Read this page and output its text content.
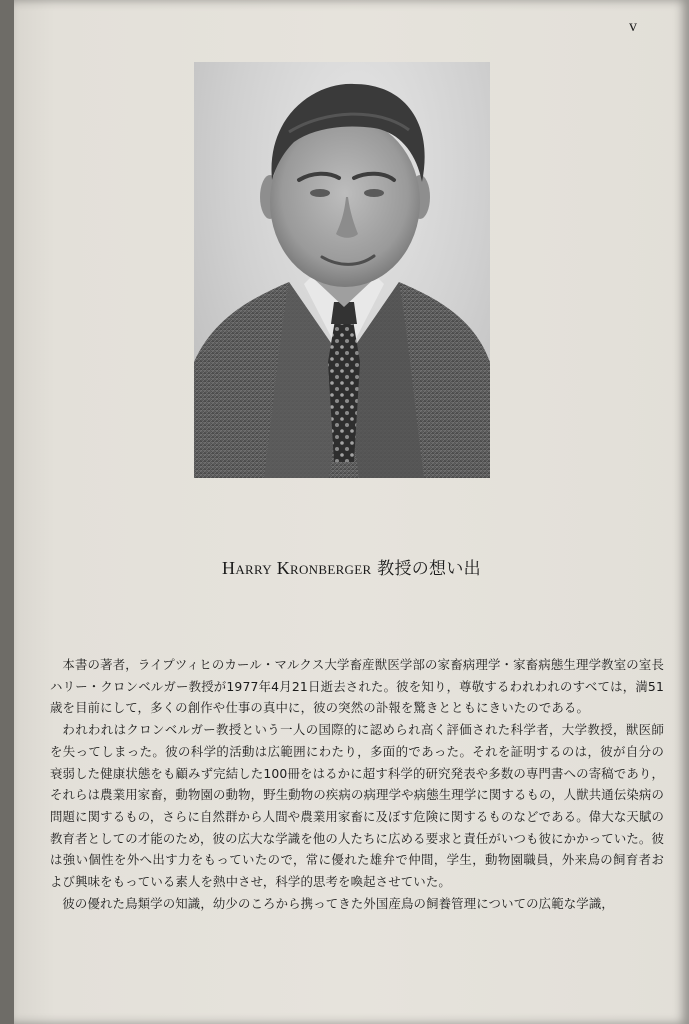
v
Harry Kronberger 教授の想い出

本書の著者，ライプツィヒのカール・マルクス大学畜産獣医学部の家畜病理学・家畜病態生理学教室の室長ハリー・クロンベルガー教授が1977年4月21日逝去された。彼を知り，尊敬するわれわれのすべては，満51歳を目前にして，多くの創作や仕事の真中に，彼の突然の訃報を驚きとともにきいたのである。

われわれはクロンベルガー教授という一人の国際的に認められ高く評価された科学者，大学教授，獣医師を失ってしまった。彼の科学的活動は広範囲にわたり，多面的であった。それを証明するのは，彼が自分の衰弱した健康状態をも顧みず完結した100冊をはるかに超す科学的研究発表や多数の専門書への寄稿であり，それらは農業用家畜，動物園の動物，野生動物の疾病の病理学や病態生理学に関するもの，人獣共通伝染病の問題に関するもの，さらに自然群から人間や農業用家畜に及ぼす危険に関するものなどである。偉大な天賦の教育者としての才能のため，彼の広大な学識を他の人たちに広める要求と責任がいつも彼にかかっていた。彼は強い個性を外へ出す力をもっていたので，常に優れた雄弁で仲間，学生，動物園職員，外来鳥の飼育者および興味をもっている素人を熱中させ，科学的思考を喚起させていた。

彼の優れた鳥類学の知識，幼少のころから携ってきた外国産鳥の飼養管理についての広範な学識，
